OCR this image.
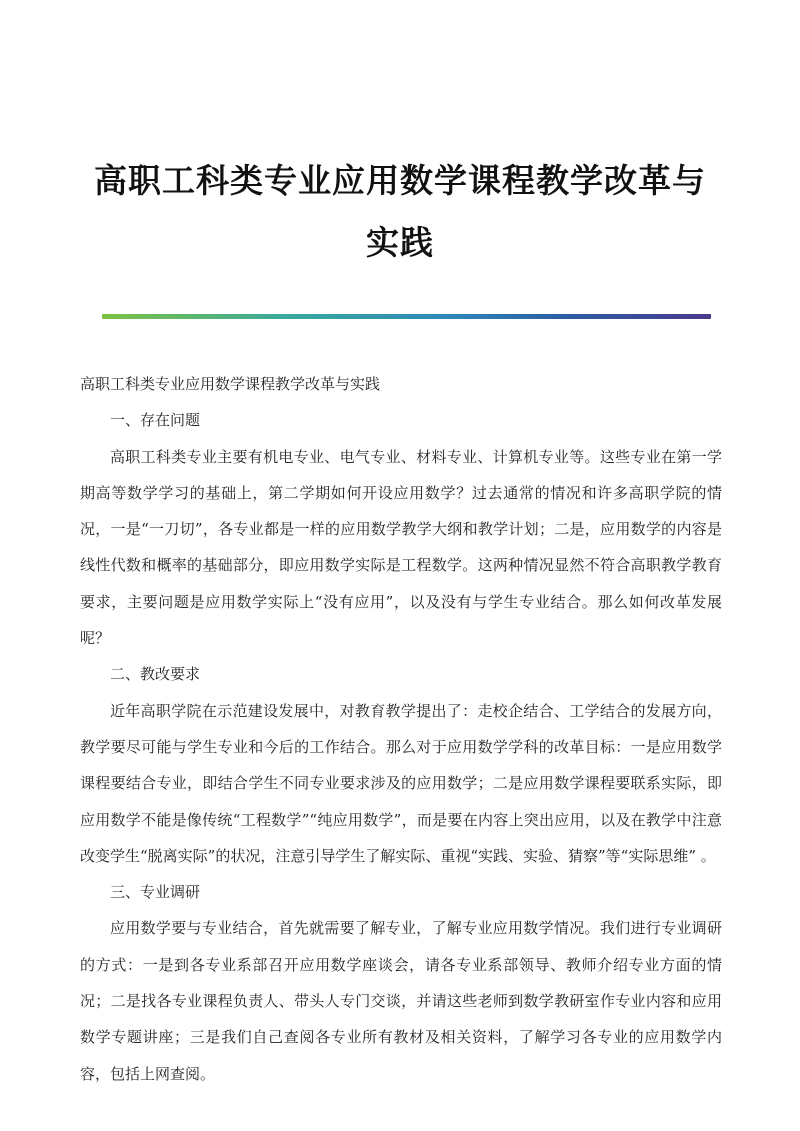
高职工科类专业应用数学课程教学改革与实践

高职工科类专业应用数学课程教学改革与实践

一、存在问题

高职工科类专业主要有机电专业、电气专业、材料专业、计算机专业等。这些专业在第一学期高等数学学习的基础上，第二学期如何开设应用数学？过去通常的情况和许多高职学院的情况，一是“一刀切”，各专业都是一样的应用数学教学大纲和教学计划；二是，应用数学的内容是线性代数和概率的基础部分，即应用数学实际是工程数学。这两种情况显然不符合高职教学教育要求，主要问题是应用数学实际上“没有应用”，以及没有与学生专业结合。那么如何改革发展呢？

二、教改要求

近年高职学院在示范建设发展中，对教育教学提出了：走校企结合、工学结合的发展方向，教学要尽可能与学生专业和今后的工作结合。那么对于应用数学学科的改革目标：一是应用数学课程要结合专业，即结合学生不同专业要求涉及的应用数学；二是应用数学课程要联系实际，即应用数学不能是像传统“工程数学”“纯应用数学”，而是要在内容上突出应用，以及在教学中注意改变学生“脱离实际”的状况，注意引导学生了解实际、重视“实践、实验、猜察”等“实际思维” 。

三、专业调研

应用数学要与专业结合，首先就需要了解专业，了解专业应用数学情况。我们进行专业调研的方式：一是到各专业系部召开应用数学座谈会，请各专业系部领导、教师介绍专业方面的情况；二是找各专业课程负责人、带头人专门交谈，并请这些老师到数学教研室作专业内容和应用数学专题讲座；三是我们自己查阅各专业所有教材及相关资料，了解学习各专业的应用数学内容，包括上网查阅。
